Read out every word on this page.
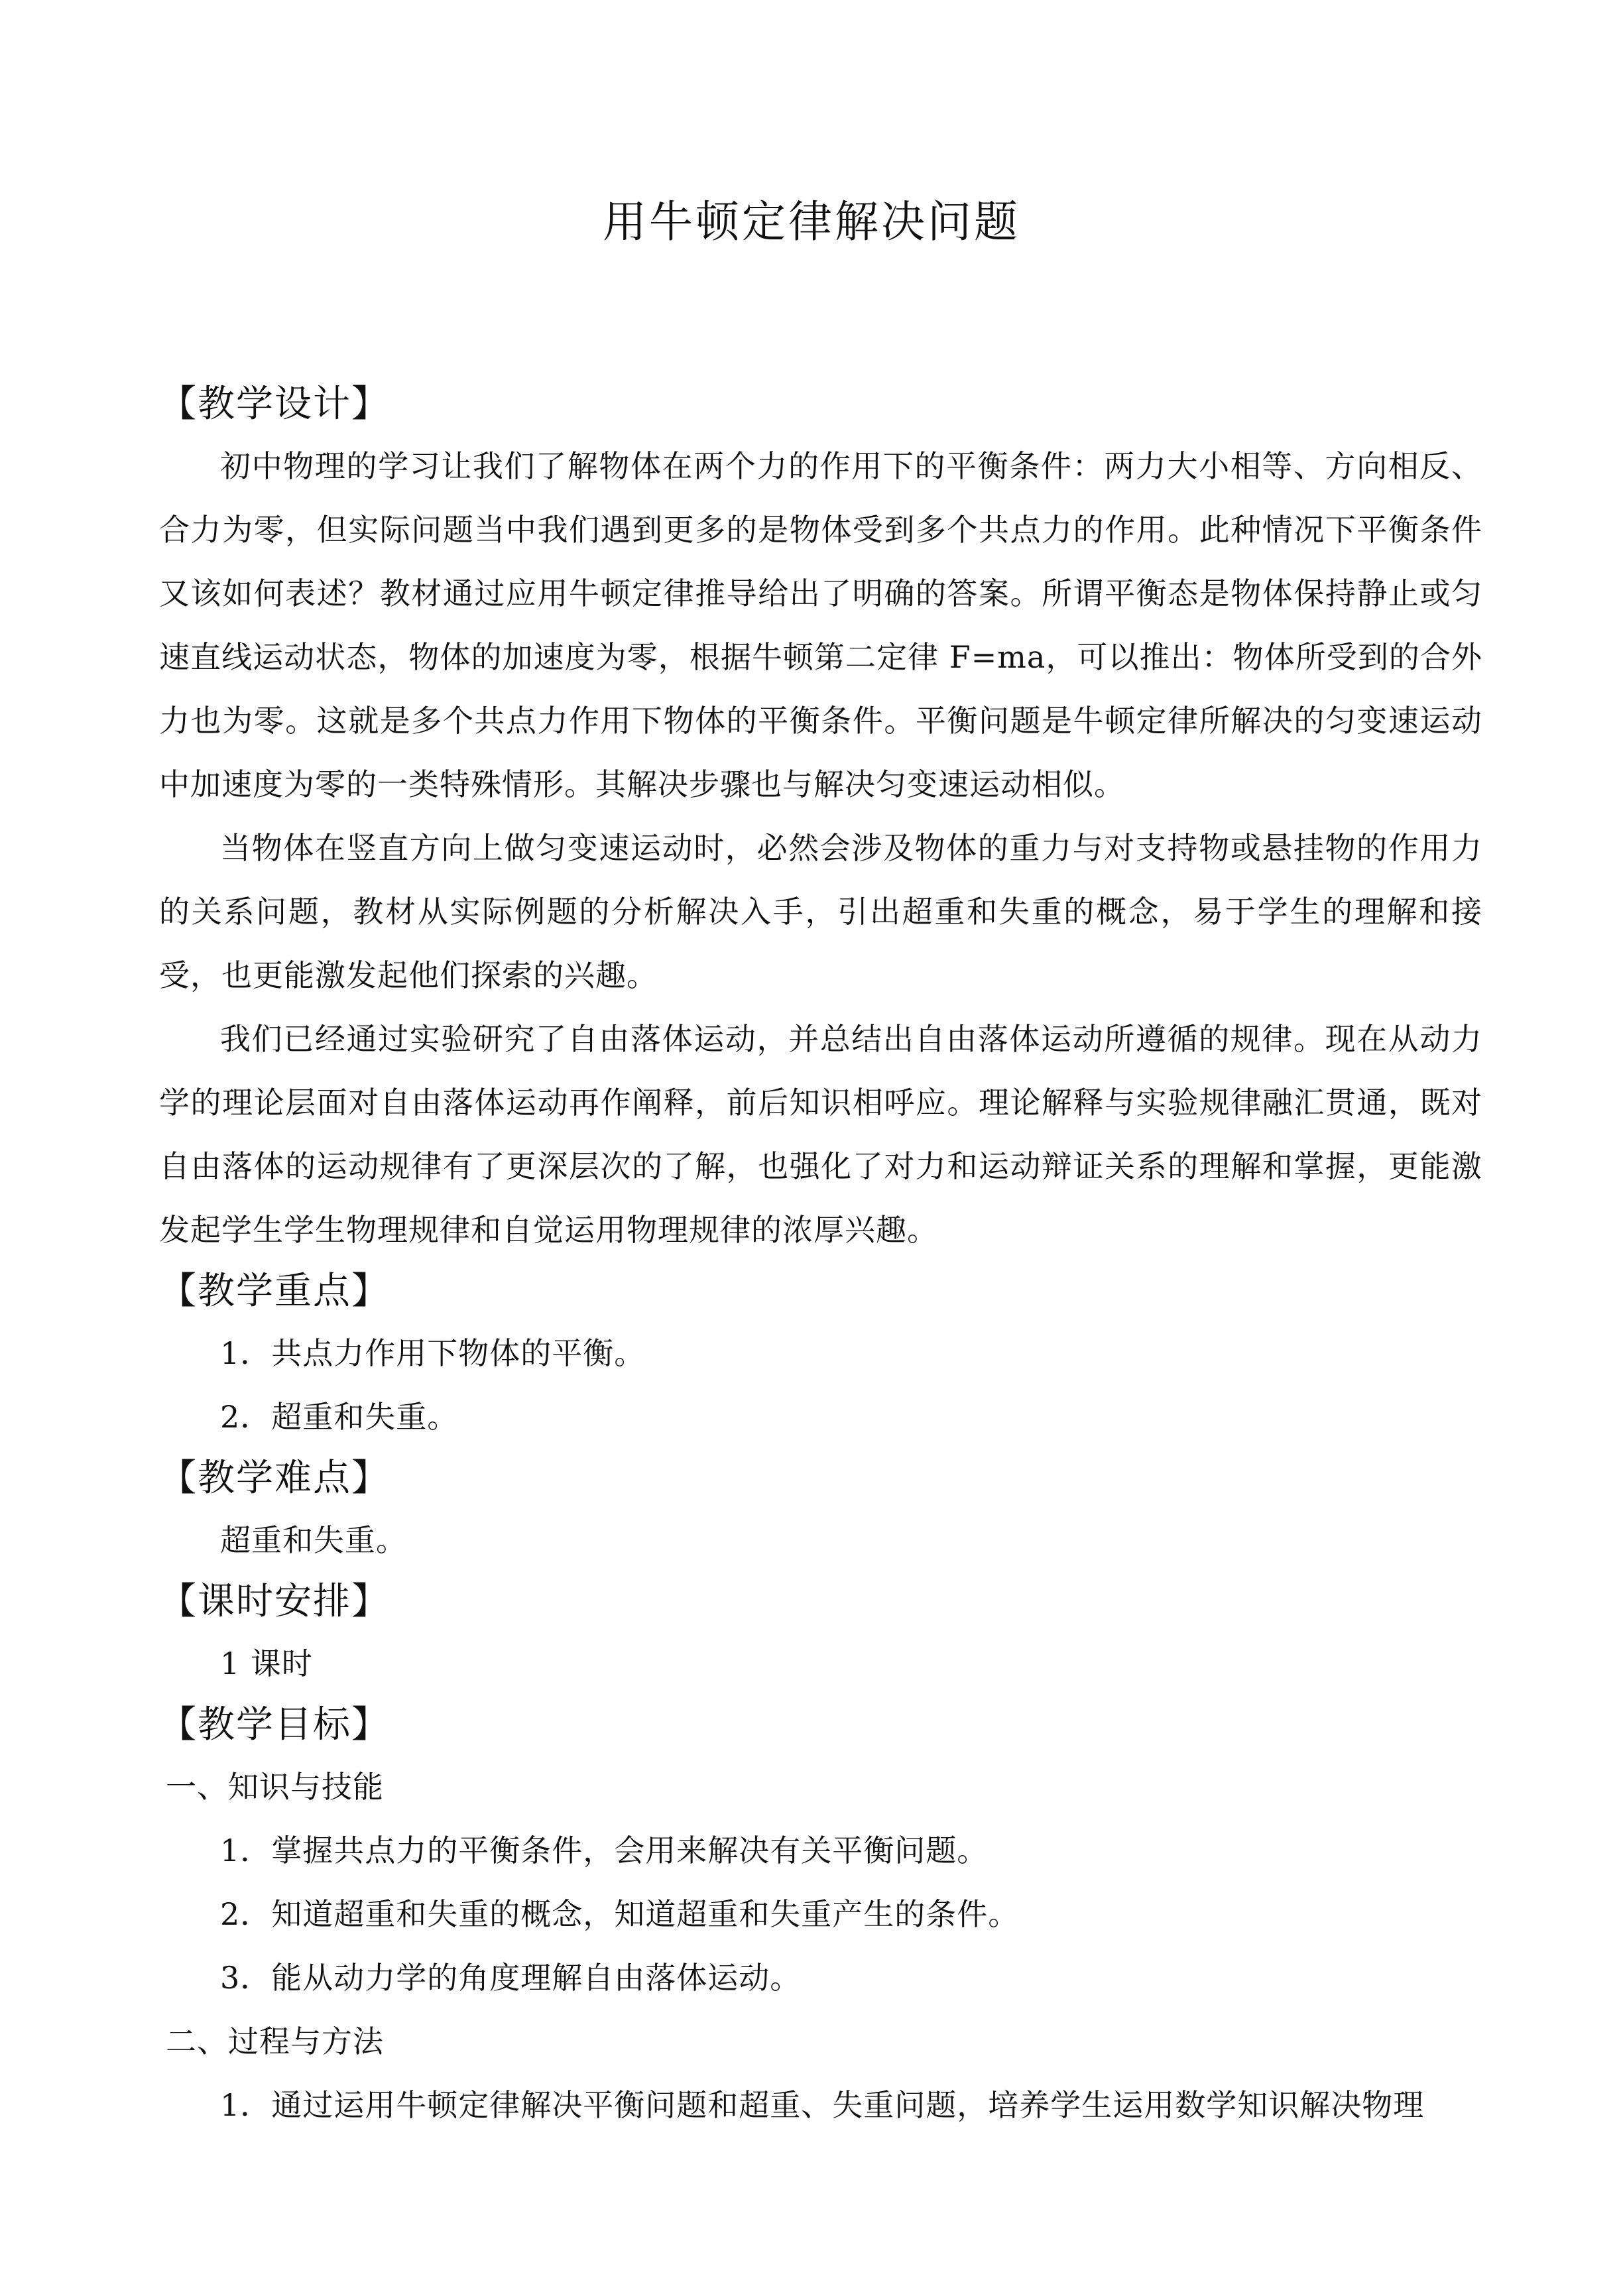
用牛顿定律解决问题
【教学设计】

初中物理的学习让我们了解物体在两个力的作用下的平衡条件：两力大小相等、方向相反、合力为零，但实际问题当中我们遇到更多的是物体受到多个共点力的作用。此种情况下平衡条件又该如何表述？教材通过应用牛顿定律推导给出了明确的答案。所谓平衡态是物体保持静止或匀速直线运动状态，物体的加速度为零，根据牛顿第二定律 F=ma，可以推出：物体所受到的合外力也为零。这就是多个共点力作用下物体的平衡条件。平衡问题是牛顿定律所解决的匀变速运动中加速度为零的一类特殊情形。其解决步骤也与解决匀变速运动相似。

当物体在竖直方向上做匀变速运动时，必然会涉及物体的重力与对支持物或悬挂物的作用力的关系问题，教材从实际例题的分析解决入手，引出超重和失重的概念，易于学生的理解和接受，也更能激发起他们探索的兴趣。

我们已经通过实验研究了自由落体运动，并总结出自由落体运动所遵循的规律。现在从动力学的理论层面对自由落体运动再作阐释，前后知识相呼应。理论解释与实验规律融汇贯通，既对自由落体的运动规律有了更深层次的了解，也强化了对力和运动辩证关系的理解和掌握，更能激发起学生学生物理规律和自觉运用物理规律的浓厚兴趣。

【教学重点】

1．共点力作用下物体的平衡。

2．超重和失重。

【教学难点】

超重和失重。

【课时安排】

1 课时

【教学目标】

一、知识与技能

1．掌握共点力的平衡条件，会用来解决有关平衡问题。

2．知道超重和失重的概念，知道超重和失重产生的条件。

3．能从动力学的角度理解自由落体运动。

二、过程与方法

1．通过运用牛顿定律解决平衡问题和超重、失重问题，培养学生运用数学知识解决物理
